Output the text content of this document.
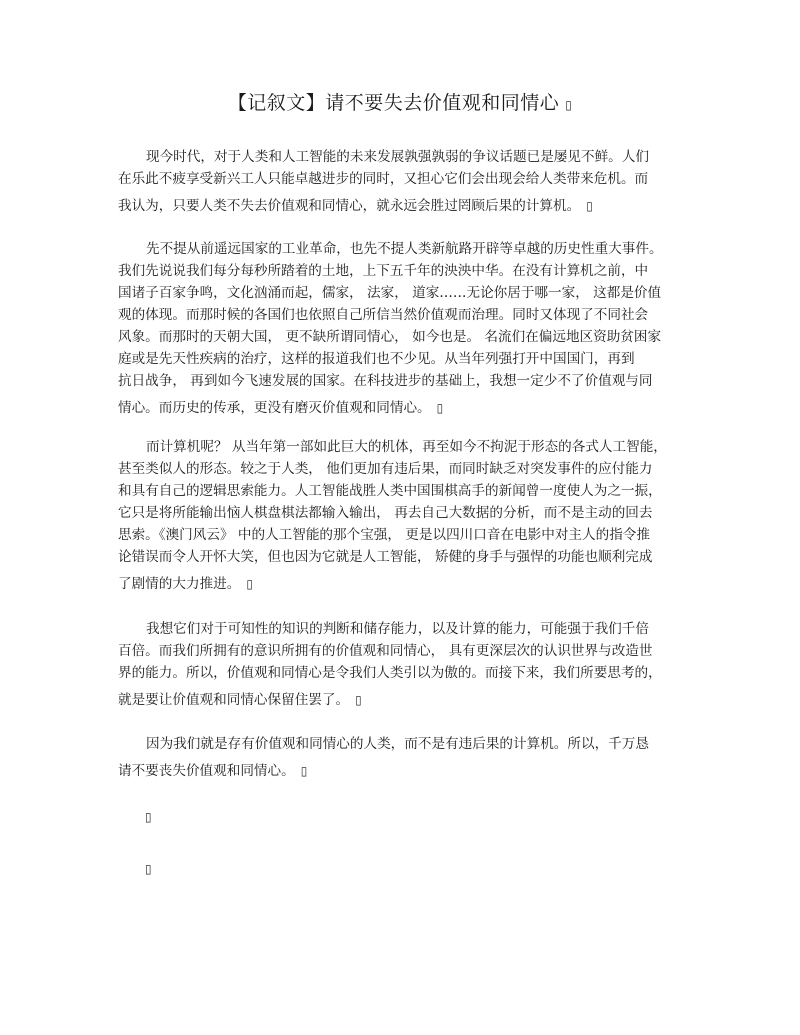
【记叙文】请不要失去价值观和同情心 ▯
现今时代，对于人类和人工智能的未来发展孰强孰弱的争议话题已是屡见不鲜。人们
在乐此不疲享受新兴工人只能卓越进步的同时，又担心它们会出现会给人类带来危机。而
我认为，只要人类不失去价值观和同情心，就永远会胜过罔顾后果的计算机。 ▯
先不提从前遥远国家的工业革命，也先不提人类新航路开辟等卓越的历史性重大事件。
我们先说说我们每分每秒所踏着的土地，上下五千年的泱泱中华。在没有计算机之前，中
国诸子百家争鸣，文化汹涌而起，儒家， 法家， 道家……无论你居于哪一家， 这都是价值
观的体现。而那时候的各国们也依照自己所信当然价值观而治理。同时又体现了不同社会
风象。而那时的天朝大国， 更不缺所谓同情心， 如今也是。 名流们在偏远地区资助贫困家
庭或是先天性疾病的治疗，这样的报道我们也不少见。从当年列强打开中国国门，再到
抗日战争， 再到如今飞速发展的国家。在科技进步的基础上，我想一定少不了价值观与同
情心。而历史的传承，更没有磨灭价值观和同情心。 ▯
而计算机呢？ 从当年第一部如此巨大的机体，再至如今不拘泥于形态的各式人工智能，
甚至类似人的形态。较之于人类， 他们更加有违后果，而同时缺乏对突发事件的应付能力
和具有自己的逻辑思索能力。人工智能战胜人类中国围棋高手的新闻曾一度使人为之一振，
它只是将所能输出恼人棋盘棋法都输入输出， 再去自己大数据的分析，而不是主动的回去
思索。《澳门风云》 中的人工智能的那个宝强， 更是以四川口音在电影中对主人的指令推
论错误而令人开怀大笑，但也因为它就是人工智能， 矫健的身手与强悍的功能也顺利完成
了剧情的大力推进。 ▯
我想它们对于可知性的知识的判断和储存能力，以及计算的能力，可能强于我们千倍
百倍。而我们所拥有的意识所拥有的价值观和同情心， 具有更深层次的认识世界与改造世
界的能力。所以，价值观和同情心是令我们人类引以为傲的。而接下来，我们所要思考的，
就是要让价值观和同情心保留住罢了。 ▯
因为我们就是存有价值观和同情心的人类，而不是有违后果的计算机。所以，千万恳
请不要丧失价值观和同情心。 ▯
▯
▯
